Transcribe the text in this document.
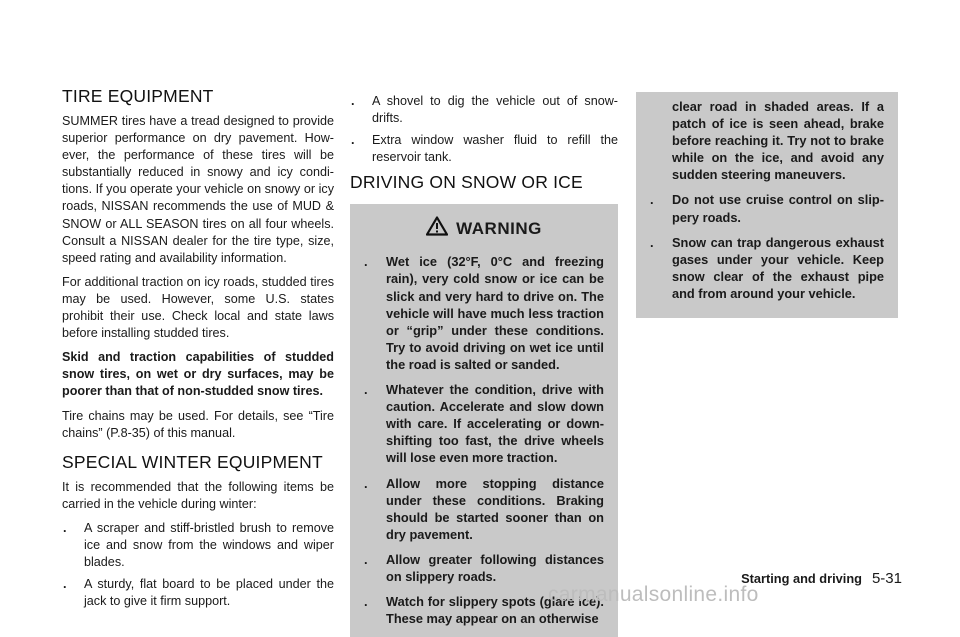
TIRE EQUIPMENT

SUMMER tires have a tread designed to provide superior performance on dry pavement. However, the performance of these tires will be substantially reduced in snowy and icy conditions. If you operate your vehicle on snowy or icy roads, NISSAN recommends the use of MUD & SNOW or ALL SEASON tires on all four wheels. Consult a NISSAN dealer for the tire type, size, speed rating and availability information.

For additional traction on icy roads, studded tires may be used. However, some U.S. states prohibit their use. Check local and state laws before installing studded tires.

Skid and traction capabilities of studded snow tires, on wet or dry surfaces, may be poorer than that of non-studded snow tires.

Tire chains may be used. For details, see “Tire chains” (P.8-35) of this manual.

SPECIAL WINTER EQUIPMENT

It is recommended that the following items be carried in the vehicle during winter:

. A scraper and stiff-bristled brush to remove ice and snow from the windows and wiper blades.
. A sturdy, flat board to be placed under the jack to give it firm support.
. A shovel to dig the vehicle out of snow-drifts.
. Extra window washer fluid to refill the reservoir tank.
DRIVING ON SNOW OR ICE
WARNING
. Wet ice (32°F, 0°C and freezing rain), very cold snow or ice can be slick and very hard to drive on. The vehicle will have much less traction or “grip” under these conditions. Try to avoid driving on wet ice until the road is salted or sanded.
. Whatever the condition, drive with caution. Accelerate and slow down with care. If accelerating or downshifting too fast, the drive wheels will lose even more traction.
. Allow more stopping distance under these conditions. Braking should be started sooner than on dry pavement.
. Allow greater following distances on slippery roads.
. Watch for slippery spots (glare ice). These may appear on an otherwise
clear road in shaded areas. If a patch of ice is seen ahead, brake before reaching it. Try not to brake while on the ice, and avoid any sudden steering maneuvers.
. Do not use cruise control on slippery roads.
. Snow can trap dangerous exhaust gases under your vehicle. Keep snow clear of the exhaust pipe and from around your vehicle.
Starting and driving 5-31
carmanualsonline.info
